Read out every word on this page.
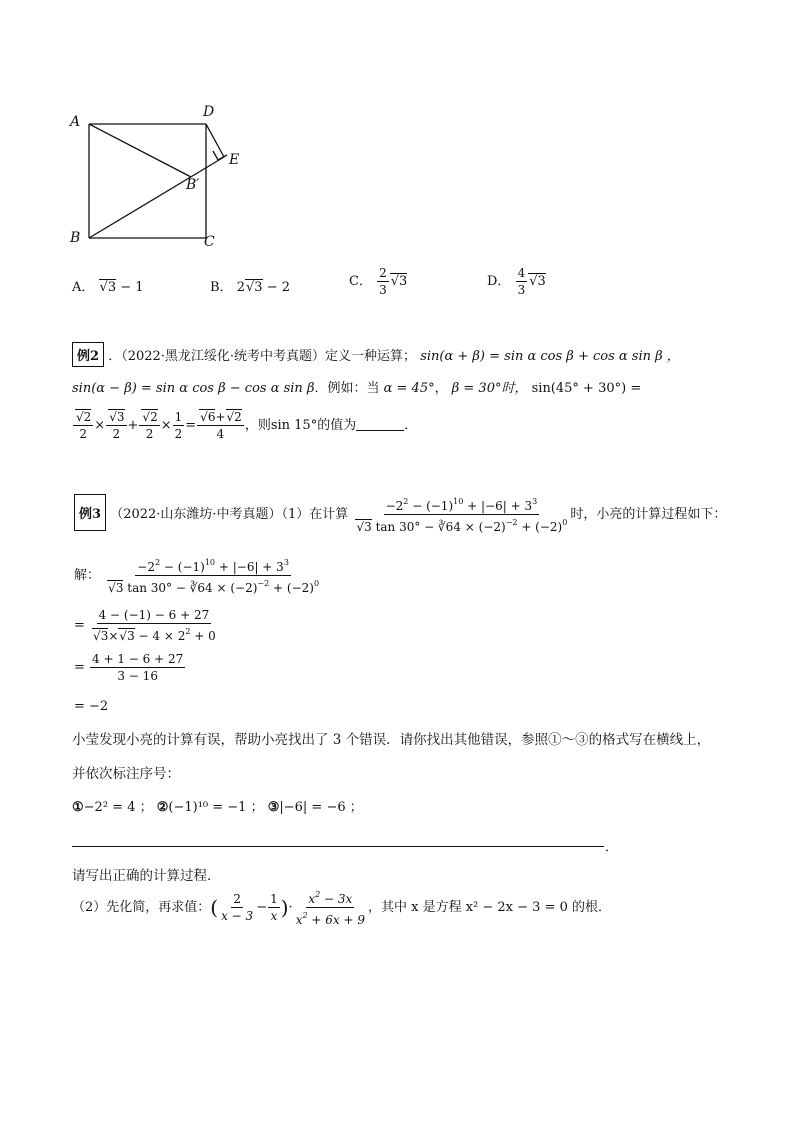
A
D
E
B′
B	C
A． √ 3 − 1	B． 2 √ 3 − 2	C． $\frac{2}{3}$ √ 3	D． $\frac{4}{3}$ √ 3
例2 ．（2022·黑龙江绥化·统考中考真题）定义一种运算； sin(α + β) = sin α cos β + cos α sin β ，
sin(α − β) = sin α cos β − cos α sin β．例如：当 α = 45°， β = 30°时， sin(45° + 30°) =
√ $\frac{2}{2}$ × √ $\frac{3}{2}$ + √ $\frac{2}{2} \times \frac{1}{2}$ = √ $\frac{6+ √ 2}{4}$ ，则sin 15°的值为	．
例3 （2022·山东潍坊·中考真题）（1）在计算 $-2^2 - (-1)^{10} + |-6| + 3^3$
√ 3 tan 30° − ∛64 × $(-2)^{-2} + (-2)^0$ 时，小亮的计算过程如下：
解： $-2^2 - (-1)^{10} + |-6| + 3^3$
√ 3 tan 30° − ∛64 × $(-2)^{-2} + (-2)^0$
= 4 − (−1) − 6 + 27
√ 3× √ $3 - 4 \times 2^2 + 0$
= $\frac{4 + 1 - 6 + 27}{3 - 16}$
= −2
小莹发现小亮的计算有误，帮助小亮找出了 3 个错误．请你找出其他错误，参照①～③的格式写在横线上，
并依次标注序号：
①−2² = 4 ； ②(−1)¹⁰ = −1 ； ③|−6| = −6 ；
．
请写出正确的计算过程．
（2）先化简，再求值：( $\frac{2}{x - 3} - \frac{1}{x}$ )· $\frac{x^2 - 3x}{x^2 + 6x + 9}$ ，其中 x 是方程 x² − 2x − 3 = 0 的根．
